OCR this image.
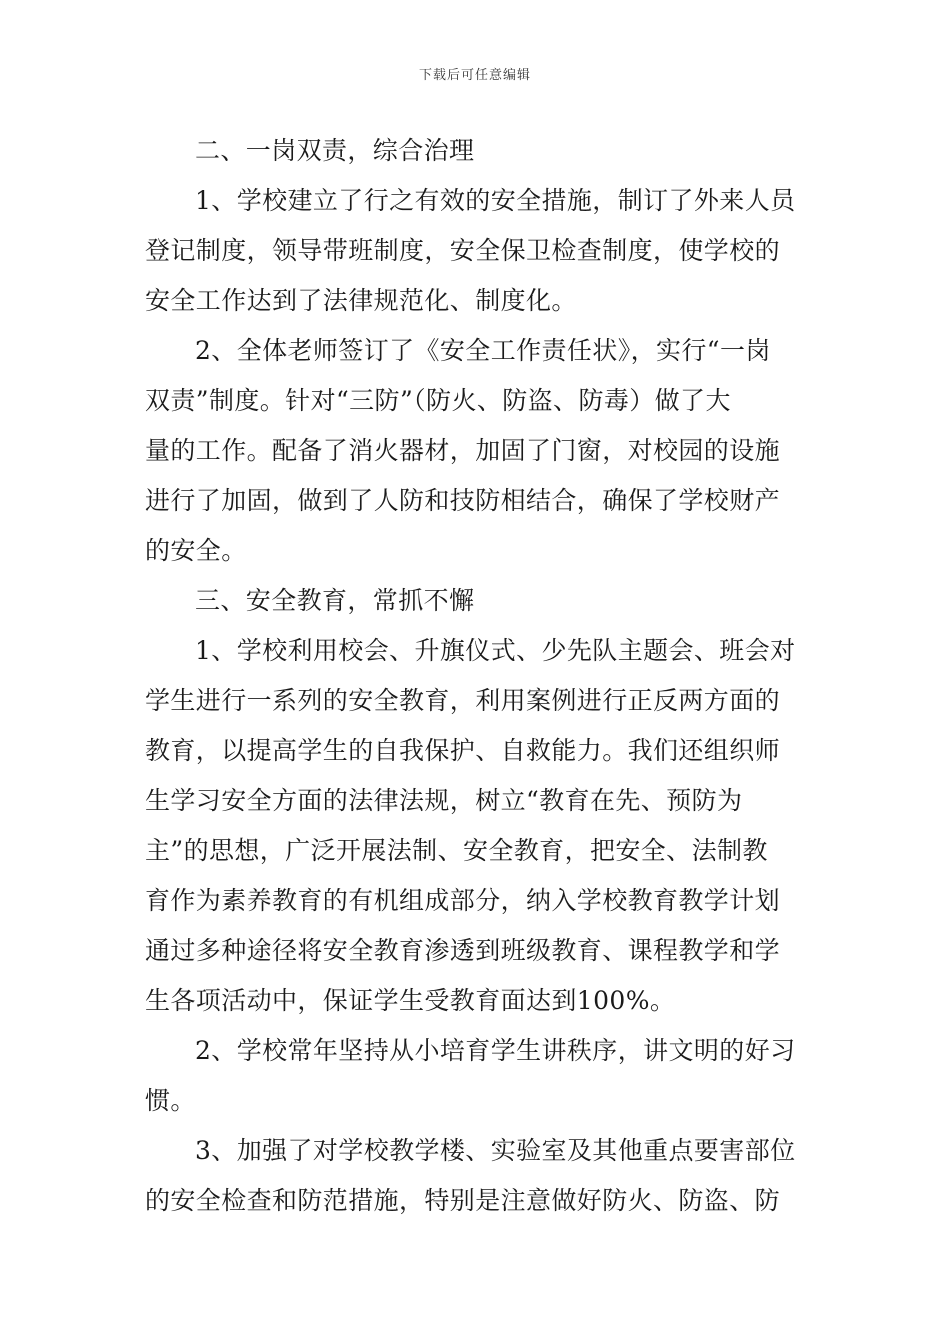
下载后可任意编辑
二、一岗双责，综合治理
1、学校建立了行之有效的安全措施，制订了外来人员
登记制度，领导带班制度，安全保卫检查制度，使学校的
安全工作达到了法律规范化、制度化。
2、全体老师签订了《安全工作责任状》，实行“一岗
双责”制度。针对“三防”（防火、防盗、防毒）做了大
量的工作。配备了消火器材，加固了门窗，对校园的设施
进行了加固，做到了人防和技防相结合，确保了学校财产
的安全。
三、安全教育，常抓不懈
1、学校利用校会、升旗仪式、少先队主题会、班会对
学生进行一系列的安全教育，利用案例进行正反两方面的
教育，以提高学生的自我保护、自救能力。我们还组织师
生学习安全方面的法律法规，树立“教育在先、预防为
主”的思想，广泛开展法制、安全教育，把安全、法制教
育作为素养教育的有机组成部分，纳入学校教育教学计划
通过多种途径将安全教育渗透到班级教育、课程教学和学
生各项活动中，保证学生受教育面达到100%。
2、学校常年坚持从小培育学生讲秩序，讲文明的好习
惯。
3、加强了对学校教学楼、实验室及其他重点要害部位
的安全检查和防范措施，特别是注意做好防火、防盗、防
